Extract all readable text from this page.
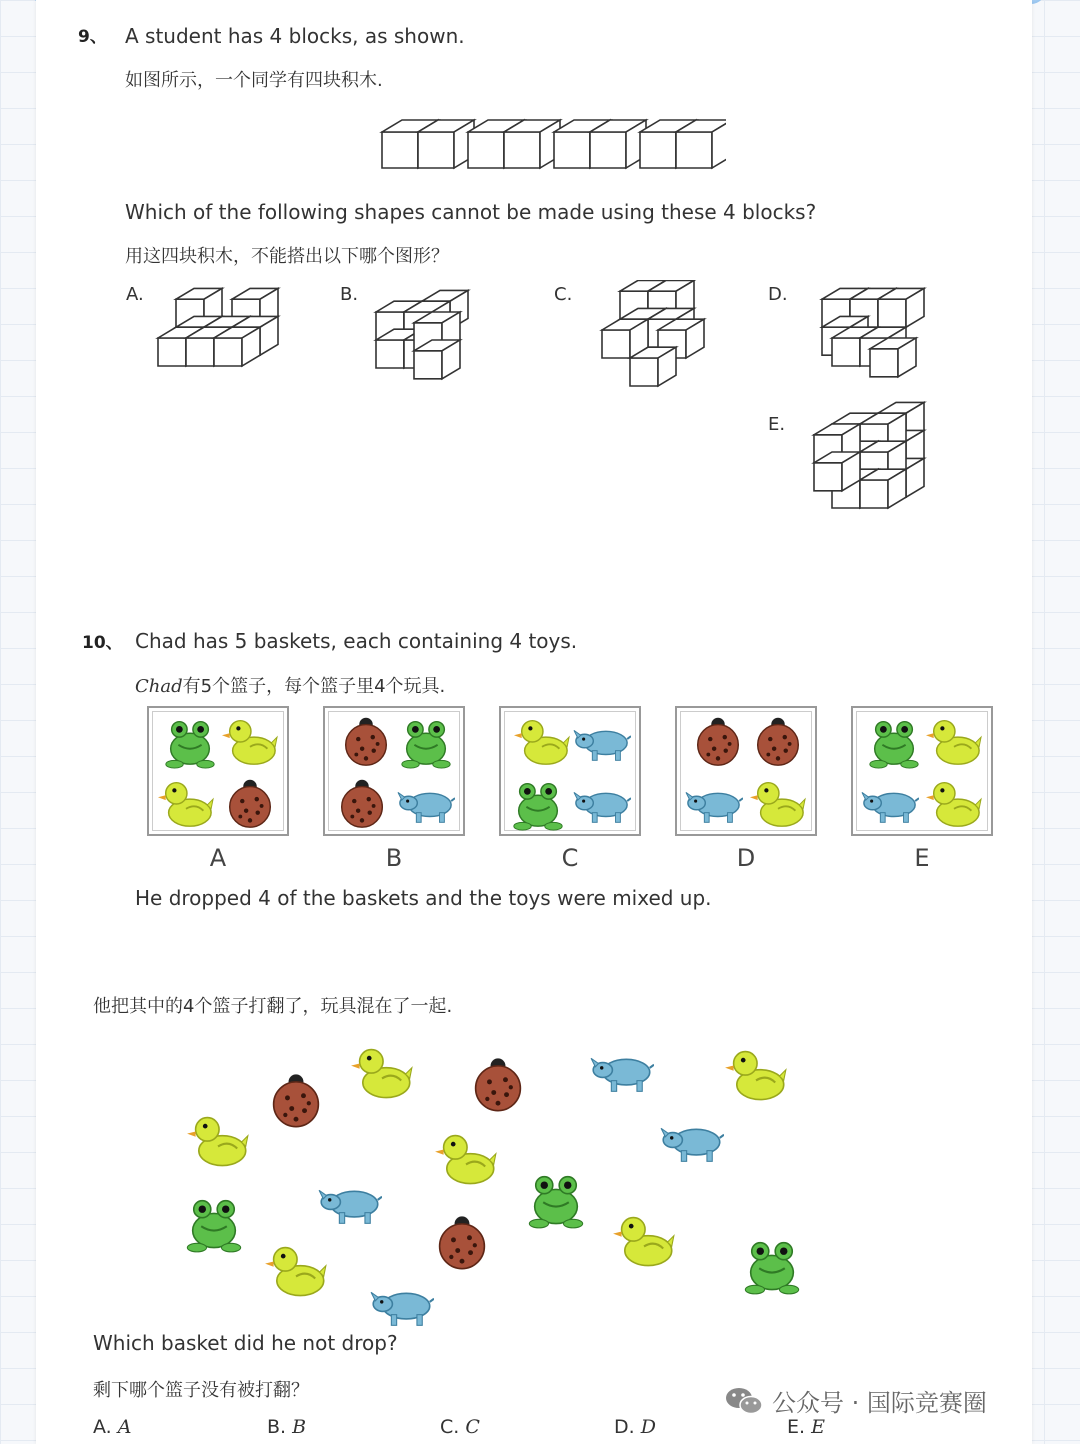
9、 A student has 4 blocks, as shown.
如图所示，一个同学有四块积木.
Which of the following shapes cannot be made using these 4 blocks?
用这四块积木，不能搭出以下哪个图形？
A.	B.	C.	D.
E.
10、 Chad has 5 baskets, each containing 4 toys.
Chad有5个篮子，每个篮子里4个玩具.
A	B	C	D	E
He dropped 4 of the baskets and the toys were mixed up.
他把其中的4个篮子打翻了，玩具混在了一起.
Which basket did he not drop?
剩下哪个篮子没有被打翻？
A. A	B. B	C. C	D. D	E. E
公众号 · 国际竞赛圈
